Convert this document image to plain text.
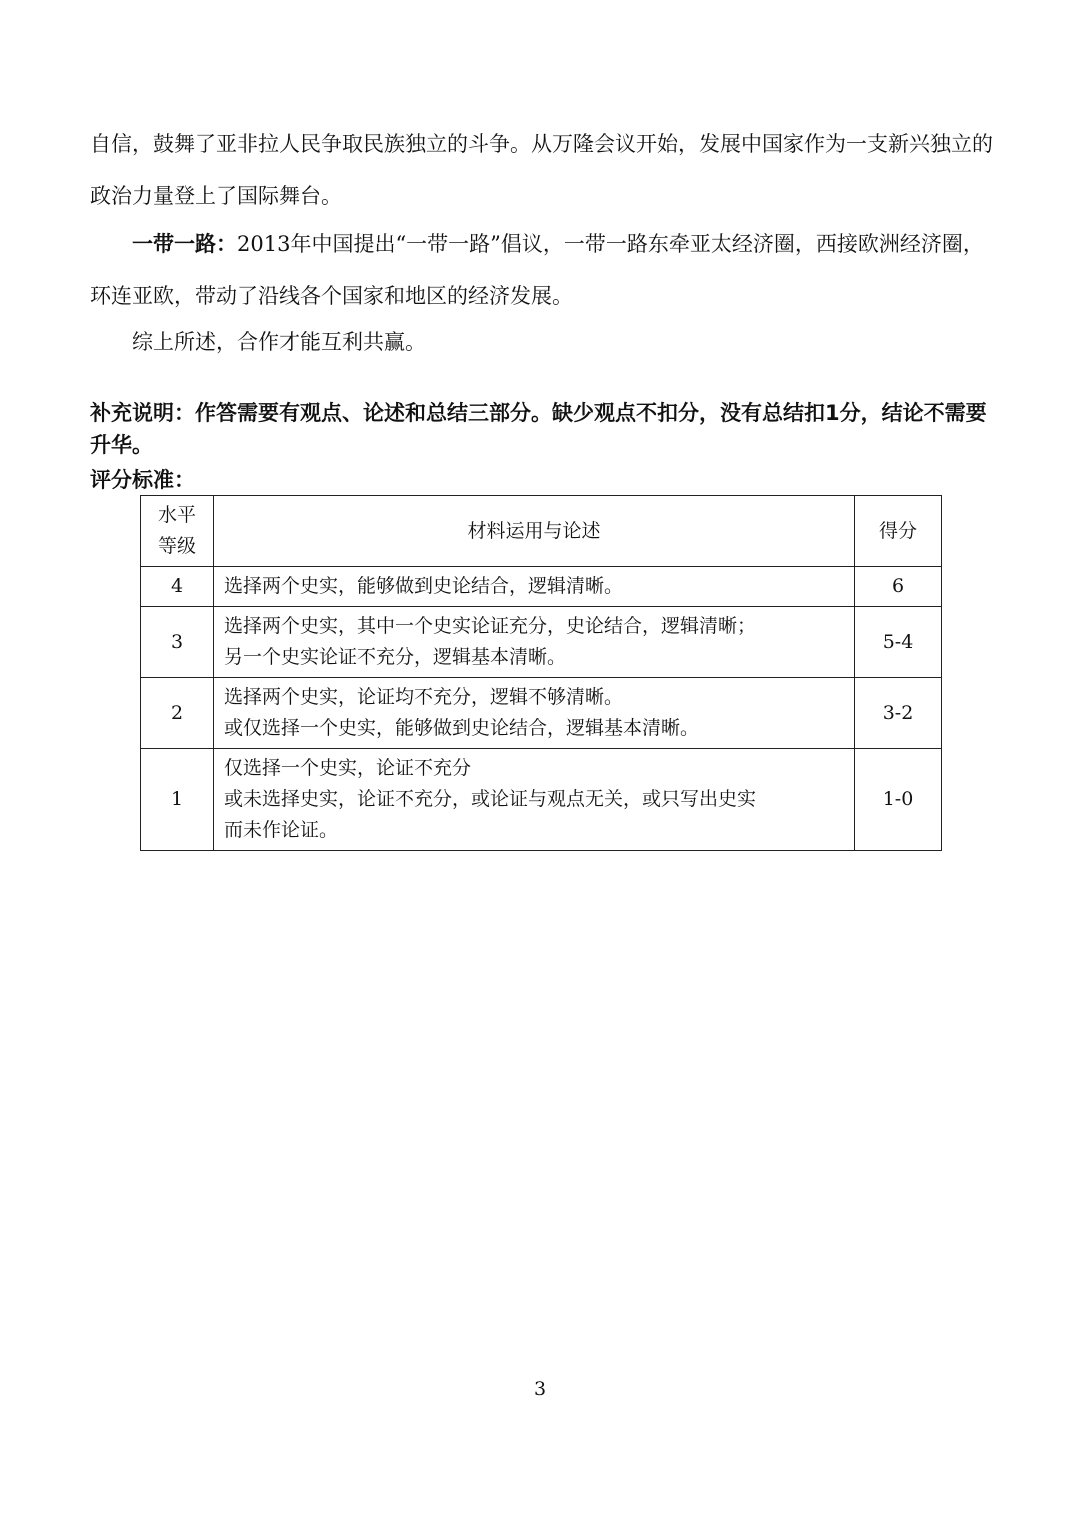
自信，鼓舞了亚非拉人民争取民族独立的斗争。从万隆会议开始，发展中国家作为一支新兴独立的政治力量登上了国际舞台。

一带一路：2013年中国提出“一带一路”倡议，一带一路东牵亚太经济圈，西接欧洲经济圈，环连亚欧，带动了沿线各个国家和地区的经济发展。

综上所述，合作才能互利共赢。

补充说明：作答需要有观点、论述和总结三部分。缺少观点不扣分，没有总结扣1分，结论不需要升华。

评分标准：

水平
等级	材料运用与论述	得分
4	选择两个史实，能够做到史论结合，逻辑清晰。	6
3	选择两个史实，其中一个史实论证充分，史论结合，逻辑清晰；
另一个史实论证不充分，逻辑基本清晰。	5-4
2	选择两个史实，论证均不充分，逻辑不够清晰。
或仅选择一个史实，能够做到史论结合，逻辑基本清晰。	3-2
1	仅选择一个史实，论证不充分
或未选择史实，论证不充分，或论证与观点无关，或只写出史实
而未作论证。	1-0
3
